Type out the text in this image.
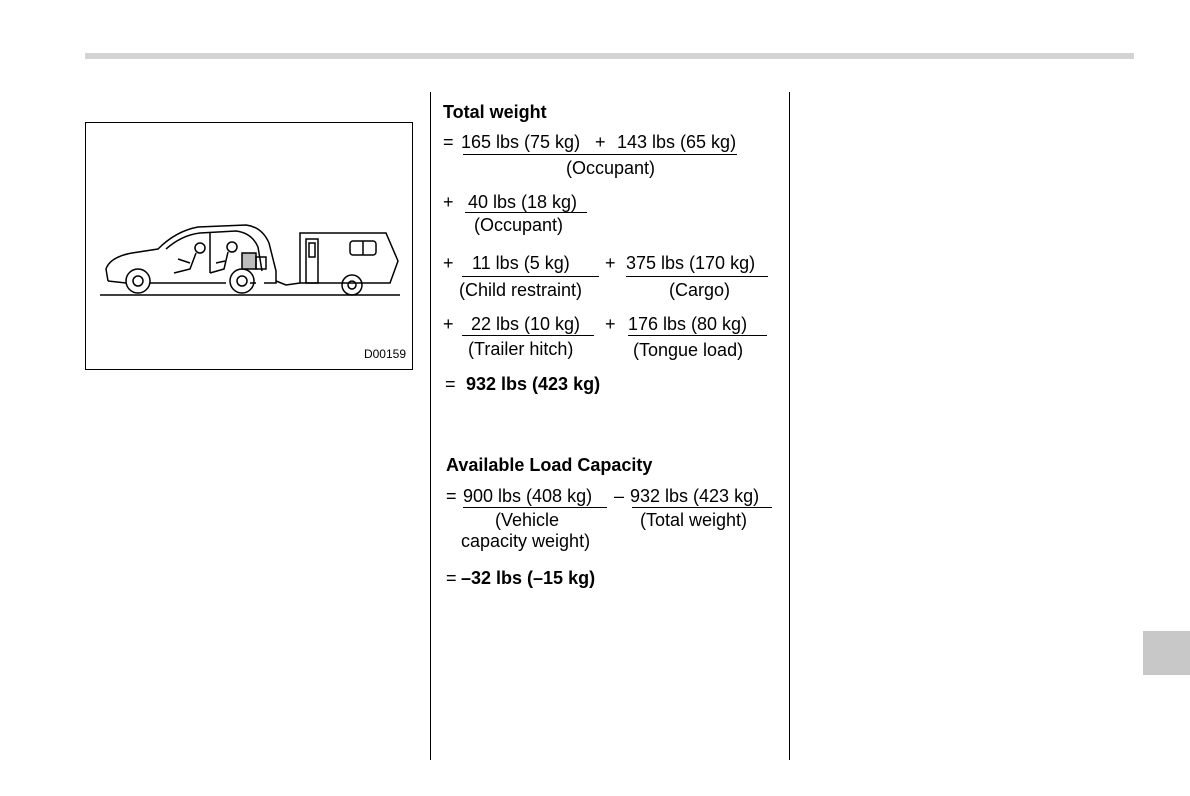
D00159
Total weight
= 165 lbs (75 kg) + 143 lbs (65 kg)
(Occupant)
+ 40 lbs (18 kg)
(Occupant)
+ 11 lbs (5 kg)
(Child restraint)
+ 375 lbs (170 kg)
(Cargo)
+ 22 lbs (10 kg)
(Trailer hitch)
+ 176 lbs (80 kg)
(Tongue load)
= 932 lbs (423 kg)
Available Load Capacity
= 900 lbs (408 kg) – 932 lbs (423 kg)
(Vehicle
capacity weight)
(Total weight)
= –32 lbs (–15 kg)
